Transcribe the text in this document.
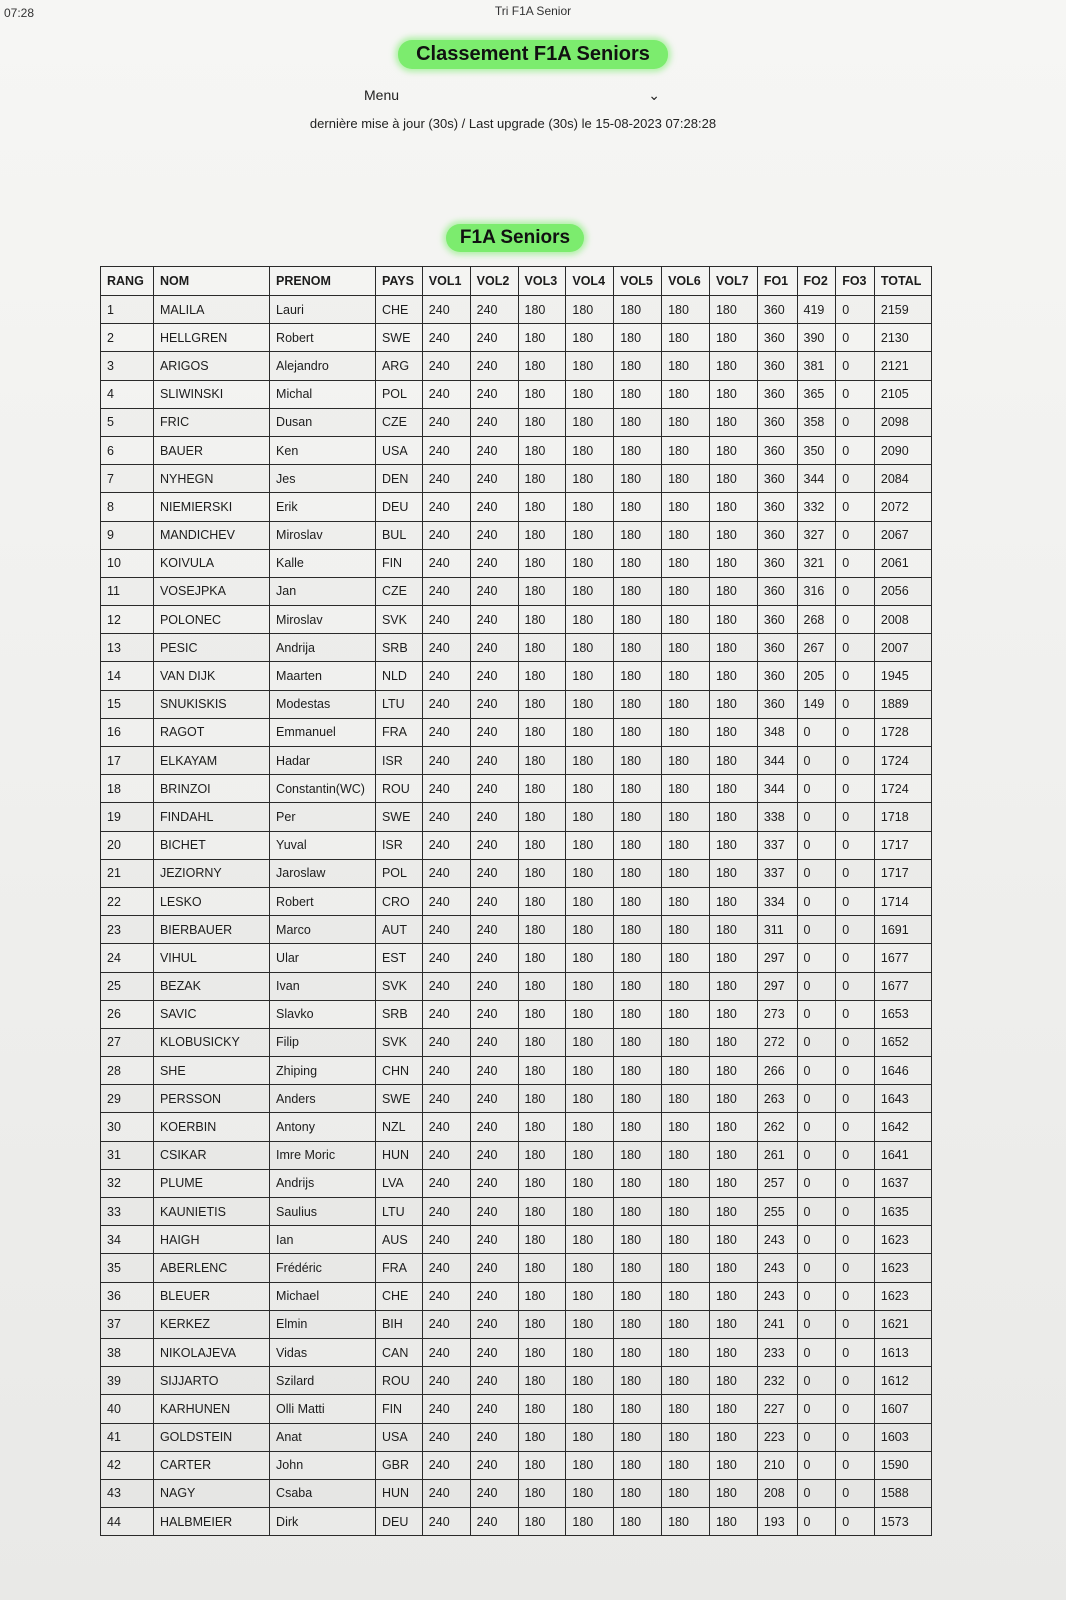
07:28	Tri F1A Senior
Classement F1A Seniors
Menu	⌄
dernière mise à jour (30s) / Last upgrade (30s) le 15-08-2023 07:28:28
F1A Seniors
RANG	NOM	PRENOM	PAYS	VOL1	VOL2	VOL3	VOL4	VOL5	VOL6	VOL7	FO1	FO2	FO3	TOTAL
1	MALILA	Lauri	CHE	240	240	180	180	180	180	180	360	419	0	2159
2	HELLGREN	Robert	SWE	240	240	180	180	180	180	180	360	390	0	2130
3	ARIGOS	Alejandro	ARG	240	240	180	180	180	180	180	360	381	0	2121
4	SLIWINSKI	Michal	POL	240	240	180	180	180	180	180	360	365	0	2105
5	FRIC	Dusan	CZE	240	240	180	180	180	180	180	360	358	0	2098
6	BAUER	Ken	USA	240	240	180	180	180	180	180	360	350	0	2090
7	NYHEGN	Jes	DEN	240	240	180	180	180	180	180	360	344	0	2084
8	NIEMIERSKI	Erik	DEU	240	240	180	180	180	180	180	360	332	0	2072
9	MANDICHEV	Miroslav	BUL	240	240	180	180	180	180	180	360	327	0	2067
10	KOIVULA	Kalle	FIN	240	240	180	180	180	180	180	360	321	0	2061
11	VOSEJPKA	Jan	CZE	240	240	180	180	180	180	180	360	316	0	2056
12	POLONEC	Miroslav	SVK	240	240	180	180	180	180	180	360	268	0	2008
13	PESIC	Andrija	SRB	240	240	180	180	180	180	180	360	267	0	2007
14	VAN DIJK	Maarten	NLD	240	240	180	180	180	180	180	360	205	0	1945
15	SNUKISKIS	Modestas	LTU	240	240	180	180	180	180	180	360	149	0	1889
16	RAGOT	Emmanuel	FRA	240	240	180	180	180	180	180	348	0	0	1728
17	ELKAYAM	Hadar	ISR	240	240	180	180	180	180	180	344	0	0	1724
18	BRINZOI	Constantin(WC)	ROU	240	240	180	180	180	180	180	344	0	0	1724
19	FINDAHL	Per	SWE	240	240	180	180	180	180	180	338	0	0	1718
20	BICHET	Yuval	ISR	240	240	180	180	180	180	180	337	0	0	1717
21	JEZIORNY	Jaroslaw	POL	240	240	180	180	180	180	180	337	0	0	1717
22	LESKO	Robert	CRO	240	240	180	180	180	180	180	334	0	0	1714
23	BIERBAUER	Marco	AUT	240	240	180	180	180	180	180	311	0	0	1691
24	VIHUL	Ular	EST	240	240	180	180	180	180	180	297	0	0	1677
25	BEZAK	Ivan	SVK	240	240	180	180	180	180	180	297	0	0	1677
26	SAVIC	Slavko	SRB	240	240	180	180	180	180	180	273	0	0	1653
27	KLOBUSICKY	Filip	SVK	240	240	180	180	180	180	180	272	0	0	1652
28	SHE	Zhiping	CHN	240	240	180	180	180	180	180	266	0	0	1646
29	PERSSON	Anders	SWE	240	240	180	180	180	180	180	263	0	0	1643
30	KOERBIN	Antony	NZL	240	240	180	180	180	180	180	262	0	0	1642
31	CSIKAR	Imre Moric	HUN	240	240	180	180	180	180	180	261	0	0	1641
32	PLUME	Andrijs	LVA	240	240	180	180	180	180	180	257	0	0	1637
33	KAUNIETIS	Saulius	LTU	240	240	180	180	180	180	180	255	0	0	1635
34	HAIGH	Ian	AUS	240	240	180	180	180	180	180	243	0	0	1623
35	ABERLENC	Frédéric	FRA	240	240	180	180	180	180	180	243	0	0	1623
36	BLEUER	Michael	CHE	240	240	180	180	180	180	180	243	0	0	1623
37	KERKEZ	Elmin	BIH	240	240	180	180	180	180	180	241	0	0	1621
38	NIKOLAJEVA	Vidas	CAN	240	240	180	180	180	180	180	233	0	0	1613
39	SIJJARTO	Szilard	ROU	240	240	180	180	180	180	180	232	0	0	1612
40	KARHUNEN	Olli Matti	FIN	240	240	180	180	180	180	180	227	0	0	1607
41	GOLDSTEIN	Anat	USA	240	240	180	180	180	180	180	223	0	0	1603
42	CARTER	John	GBR	240	240	180	180	180	180	180	210	0	0	1590
43	NAGY	Csaba	HUN	240	240	180	180	180	180	180	208	0	0	1588
44	HALBMEIER	Dirk	DEU	240	240	180	180	180	180	180	193	0	0	1573
